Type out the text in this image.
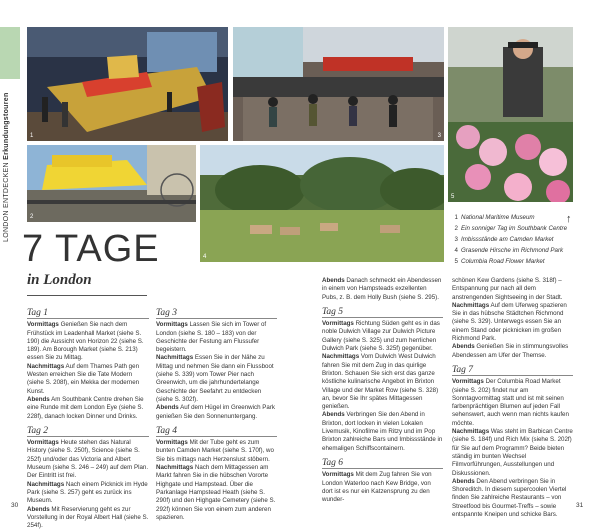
LONDON ENTDECKEN Erkundungstouren	1
2
3
4
5
1 National Maritime Museum
2 Ein sonniger Tag im Southbank Centre
3 Imbissstände am Camden Market
4 Grasende Hirsche im Richmond Park
5 Columbia Road Flower Market
↑
7 TAGE
in London
Tag 1

Vormittags Genießen Sie nach dem Frühstück im Leadenhall Market (siehe S. 190) die Aussicht von Horizon 22 (siehe S. 189). Am Borough Market (siehe S. 213) essen Sie zu Mittag.
Nachmittags Auf dem Thames Path gen Westen erreichen Sie die Tate Modern (siehe S. 208f), ein Mekka der modernen Kunst.
Abends Am Southbank Centre drehen Sie eine Runde mit dem London Eye (siehe S. 228f), danach locken Dinner und Drinks.

Tag 2

Vormittags Heute stehen das Natural History (siehe S. 250f), Science (siehe S. 252f) und/oder das Victoria and Albert Museum (siehe S. 246 – 249) auf dem Plan. Der Eintritt ist frei.
Nachmittags Nach einem Picknick im Hyde Park (siehe S. 257) geht es zurück ins Museum.
Abends Mit Reservierung geht es zur Vorstellung in der Royal Albert Hall (siehe S. 254f).

Tag 3

Vormittags Lassen Sie sich im Tower of London (siehe S. 180 – 183) von der Geschichte der Festung am Flussufer begeistern.
Nachmittags Essen Sie in der Nähe zu Mittag und nehmen Sie dann ein Flussboot (siehe S. 339) vom Tower Pier nach Greenwich, um die jahrhundertelange Geschichte der Seefahrt zu entdecken (siehe S. 302f).
Abends Auf dem Hügel im Greenwich Park genießen Sie den Sonnenuntergang.

Tag 4

Vormittags Mit der Tube geht es zum bunten Camden Market (siehe S. 170f), wo Sie bis mittags nach Herzenslust stöbern.
Nachmittags Nach dem Mittagessen am Markt fahren Sie in die hübschen Vororte Highgate und Hampstead. Über die Parkanlage Hampstead Heath (siehe S. 290f) und den Highgate Cemetery (siehe S. 292f) können Sie von einem zum anderen spazieren.

Abends Danach schmeckt ein Abendessen in einem von Hampsteads exzellenten Pubs, z. B. dem Holly Bush (siehe S. 295).

Tag 5

Vormittags Richtung Süden geht es in das noble Dulwich Village zur Dulwich Picture Gallery (siehe S. 325) und zum herrlichen Dulwich Park (siehe S. 325f) gegenüber.
Nachmittags Vom Dulwich West Dulwich fahren Sie mit dem Zug in das quirlige Brixton. Schauen Sie sich erst das ganze köstliche kulinarische Angebot im Brixton Village und der Market Row (siehe S. 328) an, bevor Sie Ihr spätes Mittagessen genießen.
Abends Verbringen Sie den Abend in Brixton, dort locken in vielen Lokalen Livemusik, Kinofilme im Ritzy und im Pop Brixton zahlreiche Bars und Imbissstände in ehemaligen Schiffscontainern.

Tag 6

Vormittags Mit dem Zug fahren Sie von London Waterloo nach Kew Bridge, von dort ist es nur ein Katzensprung zu den wunder-

schönen Kew Gardens (siehe S. 318f) – Entspannung pur nach all dem anstrengenden Sightseeing in der Stadt.
Nachmittags Auf dem Uferweg spazieren Sie in das hübsche Städtchen Richmond (siehe S. 329). Unterwegs essen Sie an einem Stand oder picknicken im großen Richmond Park.
Abends Genießen Sie in stimmungsvolles Abendessen am Ufer der Themse.

Tag 7

Vormittags Der Columbia Road Market (siehe S. 202) findet nur am Sonntagvormittag statt und ist mit seinen farbenprächtigen Blumen auf jeden Fall sehenswert, auch wenn man nichts kaufen möchte.
Nachmittags Was steht im Barbican Centre (siehe S. 184f) und Rich Mix (siehe S. 202f) für Sie auf dem Programm? Beide bieten ständig im bunten Wechsel Filmvorführungen, Ausstellungen und Diskussionen.
Abends Den Abend verbringen Sie in Shoreditch. In diesem supercoolen Viertel finden Sie zahlreiche Restaurants – von Streetfood bis Gourmet-Treffs – sowie entspannte Kneipen und schicke Bars.

30	31
